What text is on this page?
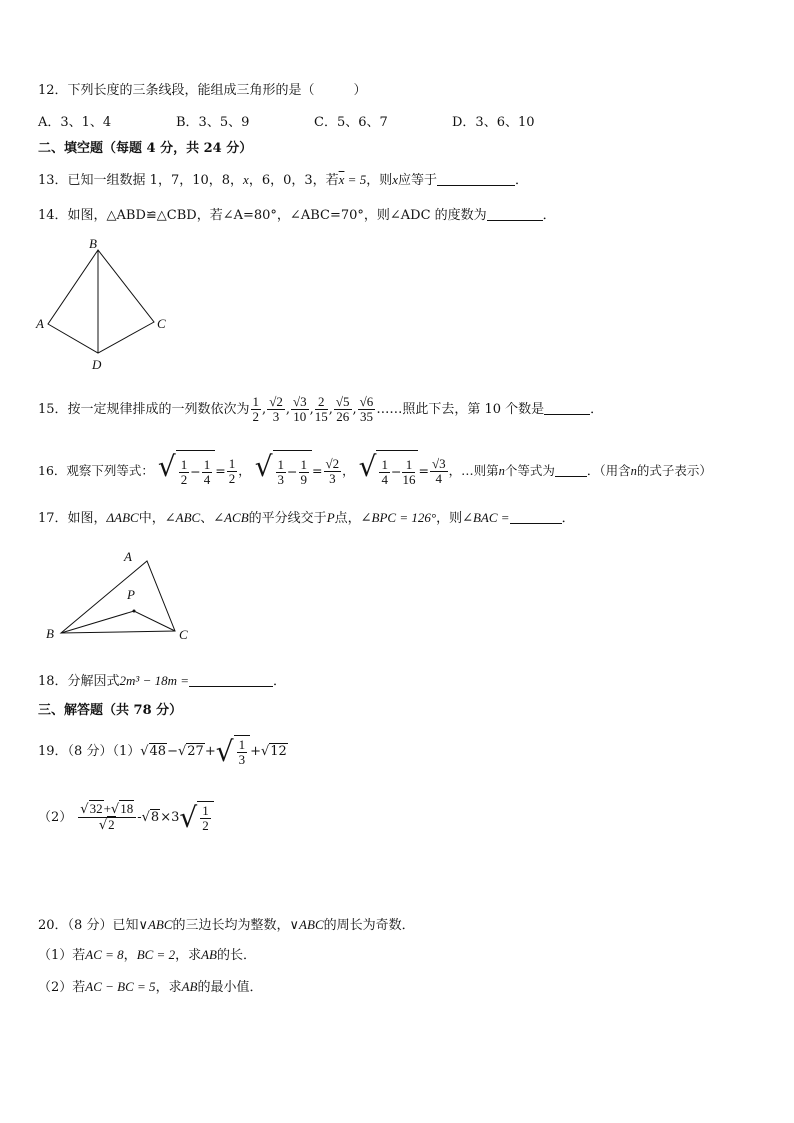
12．下列长度的三条线段，能组成三角形的是（　　　）
A．3、1、4	B．3、5、9	C．5、6、7	D．3、6、10
二、填空题（每题 4 分，共 24 分）
13．已知一组数据 1，7，10，8，x，6，0，3，若$\overline{x} = 5$，则x应等于	．
14．如图，△ABD≌△CBD，若∠A=80°，∠ABC=70°，则∠ADC 的度数为	．
B
A	C
D
15．按一定规律排成的一列数依次为 $\frac{1}{2}$ , $\frac{√2}{3}$ , $\frac{√3}{10}$ , $\frac{2}{15}$ , $\frac{√5}{26}$ , $\frac{√6}{35}$ ……照此下去，第 10 个数是	．
16．观察下列等式： √ $\frac{1}{2} - \frac{1}{4} = \frac{1}{2}$ ， √ $\frac{1}{3} - \frac{1}{9} = \frac{√2}{3}$ ， √ $\frac{1}{4} - \frac{1}{16} = \frac{√3}{4}$ ，…则第n个等式为	．（用含n的式子表示）
17．如图，ΔABC中，∠ABC、∠ACB的平分线交于P点，∠BPC = 126°，则∠BAC =	．
A
P
B	C
18．分解因式2m³ − 18m =	．
三、解答题（共 78 分）
19．（8 分）（1）√48−√27+ √ $\frac{1}{3} +√12$
$(2) \frac{√32+√18}{√2} -√8\times 3$ √ $\frac{1}{2}$
20．（8 分）已知∨ABC的三边长均为整数，∨ABC的周长为奇数．
（1）若AC = 8，BC = 2，求AB的长．
（2）若AC − BC = 5，求AB的最小值．
